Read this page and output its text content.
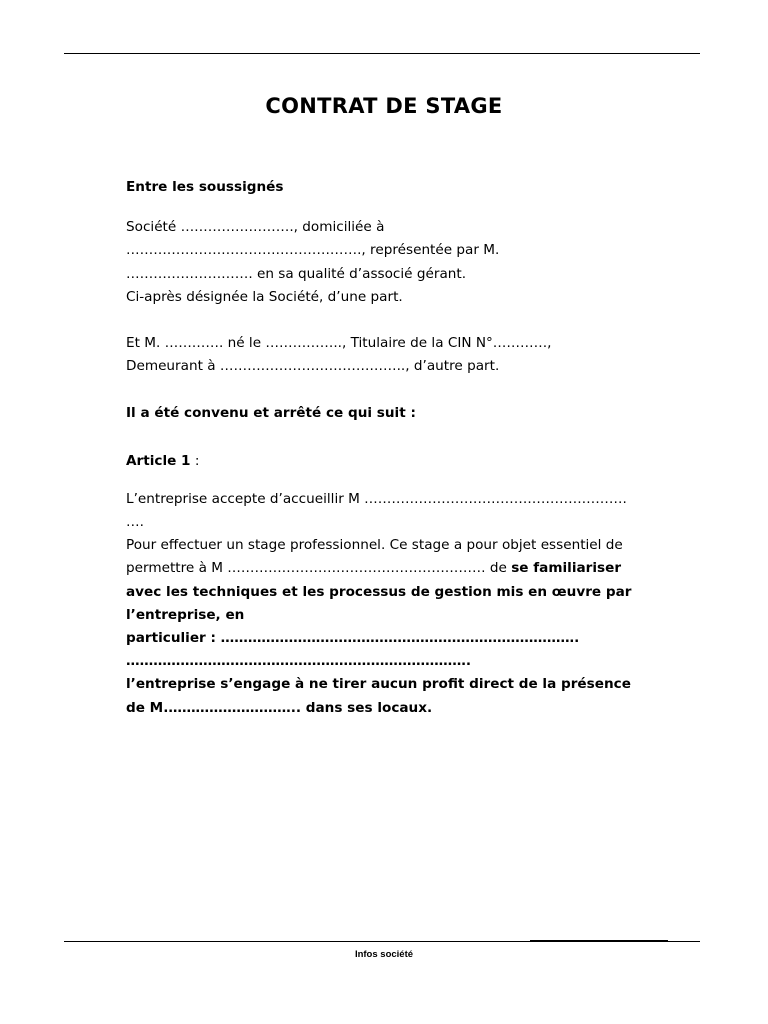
CONTRAT DE STAGE
Entre les soussignés
Société ……………………., domiciliée à
……………………………………………., représentée par M.
………………………. en sa qualité d’associé gérant.
Ci-après désignée la Société, d’une part.
Et M. …………. né le …………….., Titulaire de la CIN N°…………,
Demeurant à ………………………………….., d’autre part.
Il a été convenu et arrêté ce qui suit :
Article 1 :
L’entreprise accepte d’accueillir M ………………………………………………….
….
Pour effectuer un stage professionnel. Ce stage a pour objet essentiel de
permettre à M ………………………………………………… de se familiariser
avec les techniques et les processus de gestion mis en œuvre par
l’entreprise, en
particulier : …………………………………………………………………….
………………………………………………………………….
l’entreprise s’engage à ne tirer aucun profit direct de la présence
de M.……………………….. dans ses locaux.
Infos société
